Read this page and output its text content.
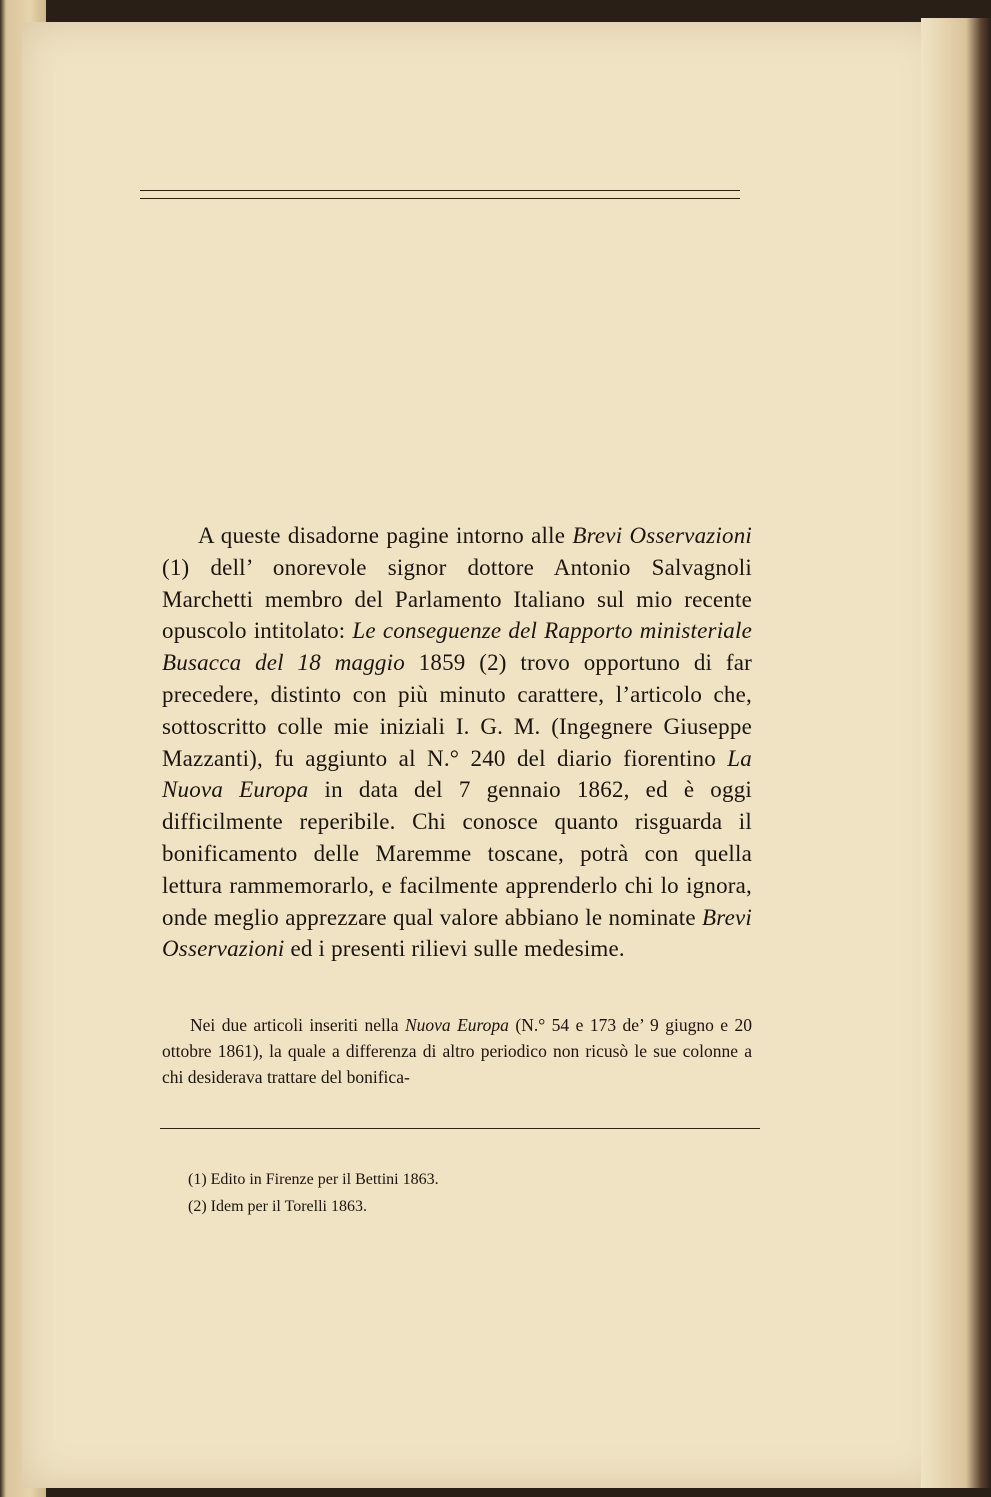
A queste disadorne pagine intorno alle Brevi Osservazioni (1) dell’ onorevole signor dottore Antonio Salvagnoli Marchetti membro del Parlamento Italiano sul mio recente opuscolo intitolato: Le conseguenze del Rapporto ministeriale Busacca del 18 maggio 1859 (2) trovo opportuno di far precedere, distinto con più minuto carattere, l’articolo che, sottoscritto colle mie iniziali I. G. M. (Ingegnere Giuseppe Mazzanti), fu aggiunto al N.° 240 del diario fiorentino La Nuova Europa in data del 7 gennaio 1862, ed è oggi difficilmente reperibile. Chi conosce quanto risguarda il bonificamento delle Maremme toscane, potrà con quella lettura rammemorarlo, e facilmente apprenderlo chi lo ignora, onde meglio apprezzare qual valore abbiano le nominate Brevi Osservazioni ed i presenti rilievi sulle medesime.

Nei due articoli inseriti nella Nuova Europa (N.° 54 e 173 de’ 9 giugno e 20 ottobre 1861), la quale a differenza di altro periodico non ricusò le sue colonne a chi desiderava trattare del bonifica-

(1) Edito in Firenze per il Bettini 1863.
(2) Idem per il Torelli 1863.
